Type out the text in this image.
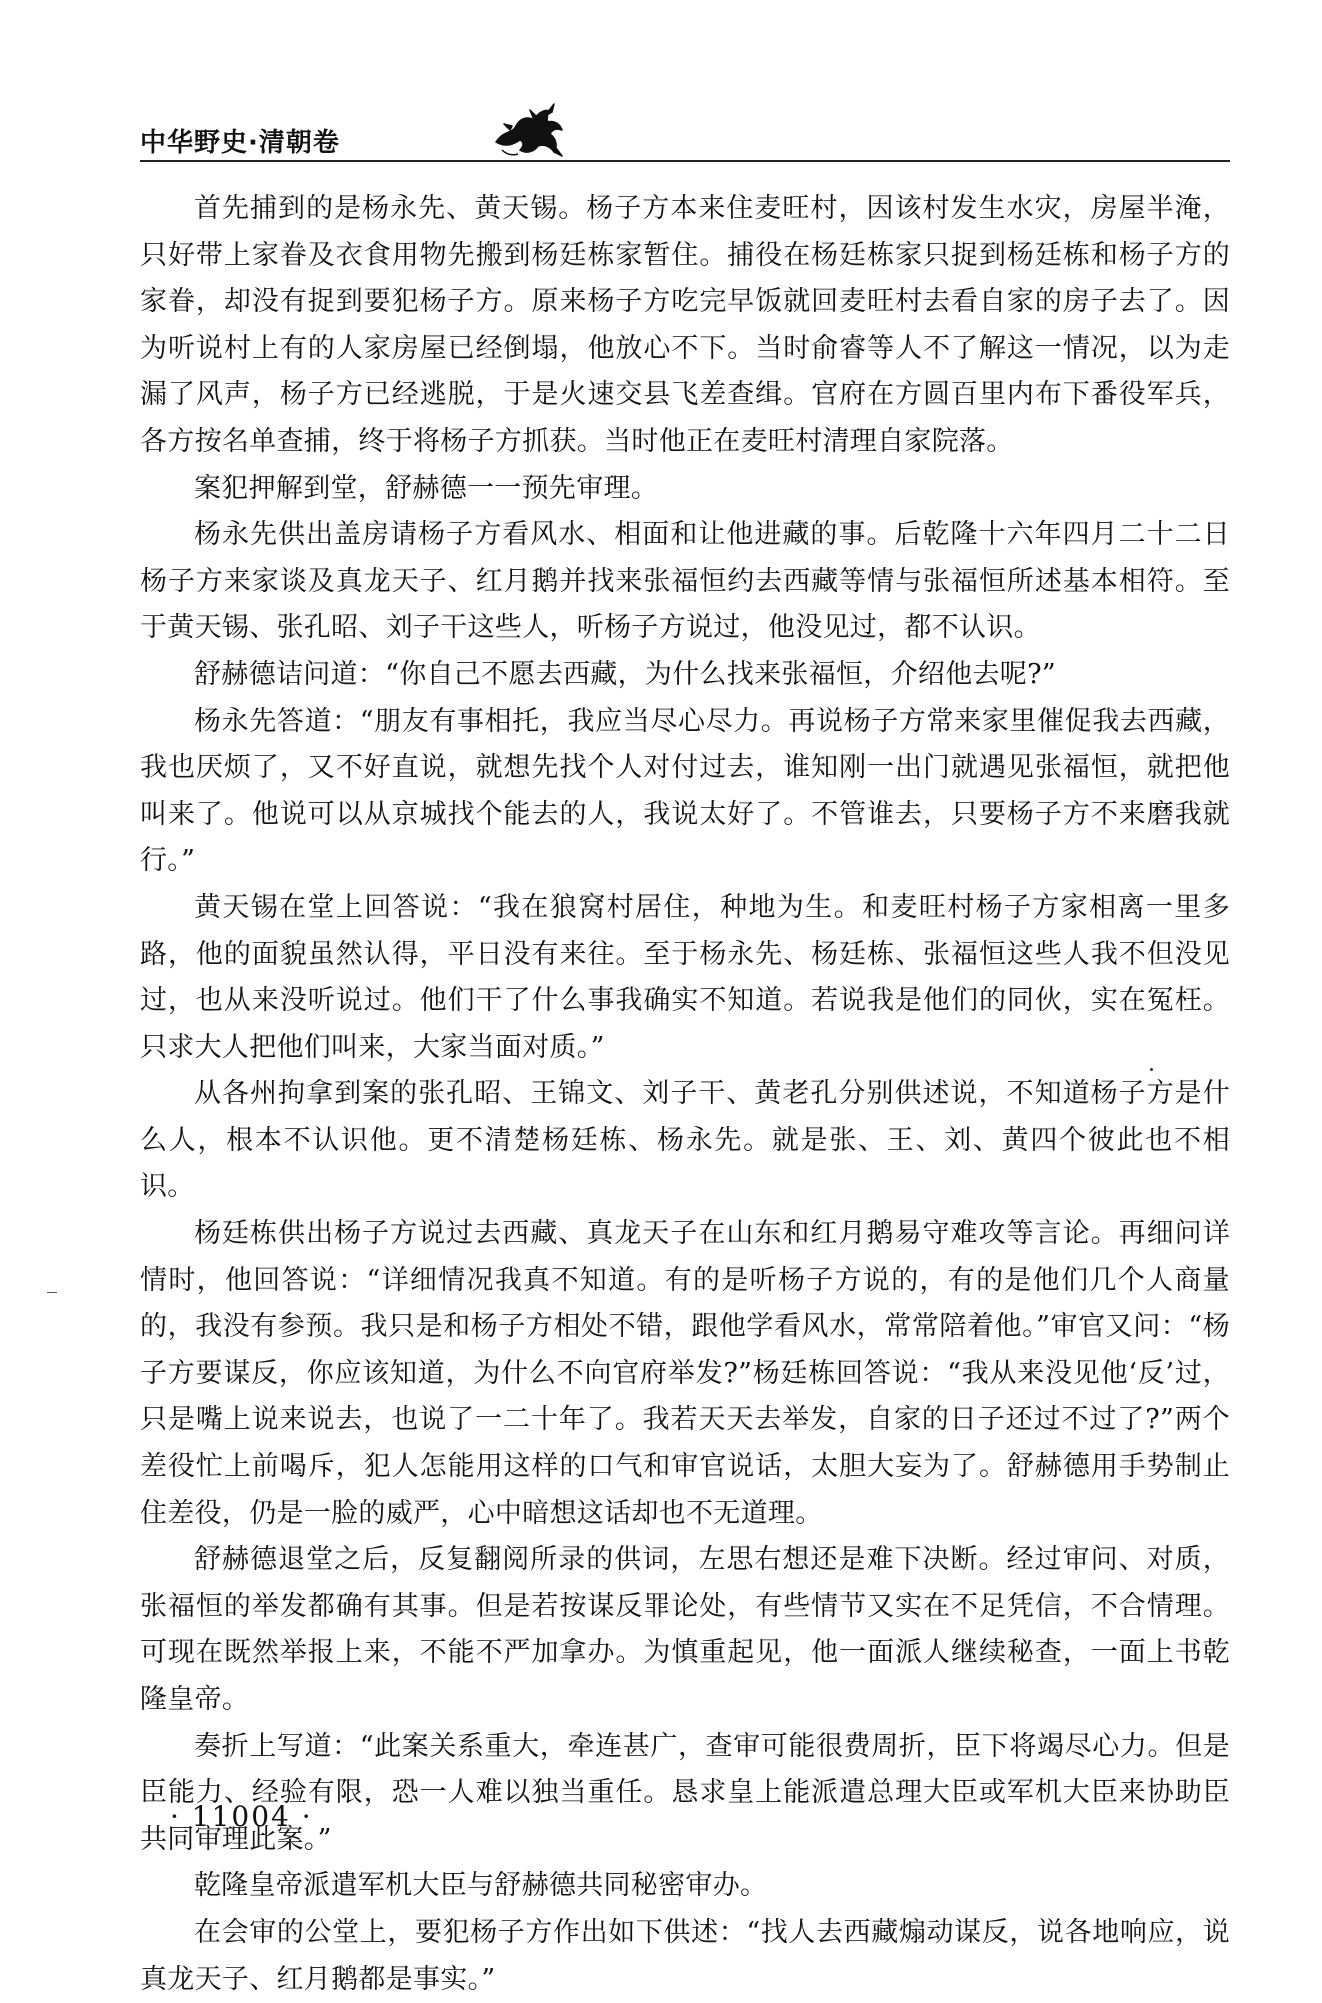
中华野史·清朝卷

首先捕到的是杨永先、黄天锡。杨子方本来住麦旺村，因该村发生水灾，房屋半淹，只好带上家眷及衣食用物先搬到杨廷栋家暂住。捕役在杨廷栋家只捉到杨廷栋和杨子方的家眷，却没有捉到要犯杨子方。原来杨子方吃完早饭就回麦旺村去看自家的房子去了。因为听说村上有的人家房屋已经倒塌，他放心不下。当时俞睿等人不了解这一情况，以为走漏了风声，杨子方已经逃脱，于是火速交县飞差查缉。官府在方圆百里内布下番役军兵，各方按名单查捕，终于将杨子方抓获。当时他正在麦旺村清理自家院落。

案犯押解到堂，舒赫德一一预先审理。

杨永先供出盖房请杨子方看风水、相面和让他进藏的事。后乾隆十六年四月二十二日杨子方来家谈及真龙天子、红月鹅并找来张福恒约去西藏等情与张福恒所述基本相符。至于黄天锡、张孔昭、刘子干这些人，听杨子方说过，他没见过，都不认识。

舒赫德诘问道：“你自己不愿去西藏，为什么找来张福恒，介绍他去呢?”

杨永先答道：“朋友有事相托，我应当尽心尽力。再说杨子方常来家里催促我去西藏，我也厌烦了，又不好直说，就想先找个人对付过去，谁知刚一出门就遇见张福恒，就把他叫来了。他说可以从京城找个能去的人，我说太好了。不管谁去，只要杨子方不来磨我就行。”

黄天锡在堂上回答说：“我在狼窝村居住，种地为生。和麦旺村杨子方家相离一里多路，他的面貌虽然认得，平日没有来往。至于杨永先、杨廷栋、张福恒这些人我不但没见过，也从来没听说过。他们干了什么事我确实不知道。若说我是他们的同伙，实在冤枉。只求大人把他们叫来，大家当面对质。”

从各州拘拿到案的张孔昭、王锦文、刘子干、黄老孔分别供述说，不知道杨子方是什么人，根本不认识他。更不清楚杨廷栋、杨永先。就是张、王、刘、黄四个彼此也不相识。

杨廷栋供出杨子方说过去西藏、真龙天子在山东和红月鹅易守难攻等言论。再细问详情时，他回答说：“详细情况我真不知道。有的是听杨子方说的，有的是他们几个人商量的，我没有参预。我只是和杨子方相处不错，跟他学看风水，常常陪着他。”审官又问：“杨子方要谋反，你应该知道，为什么不向官府举发?”杨廷栋回答说：“我从来没见他‘反’过，只是嘴上说来说去，也说了一二十年了。我若天天去举发，自家的日子还过不过了?”两个差役忙上前喝斥，犯人怎能用这样的口气和审官说话，太胆大妄为了。舒赫德用手势制止住差役，仍是一脸的威严，心中暗想这话却也不无道理。

舒赫德退堂之后，反复翻阅所录的供词，左思右想还是难下决断。经过审问、对质，张福恒的举发都确有其事。但是若按谋反罪论处，有些情节又实在不足凭信，不合情理。可现在既然举报上来，不能不严加拿办。为慎重起见，他一面派人继续秘查，一面上书乾隆皇帝。

奏折上写道：“此案关系重大，牵连甚广，查审可能很费周折，臣下将竭尽心力。但是臣能力、经验有限，恐一人难以独当重任。恳求皇上能派遣总理大臣或军机大臣来协助臣共同审理此案。”

乾隆皇帝派遣军机大臣与舒赫德共同秘密审办。

在会审的公堂上，要犯杨子方作出如下供述：“找人去西藏煽动谋反，说各地响应，说真龙天子、红月鹅都是事实。”

· 11004 ·
